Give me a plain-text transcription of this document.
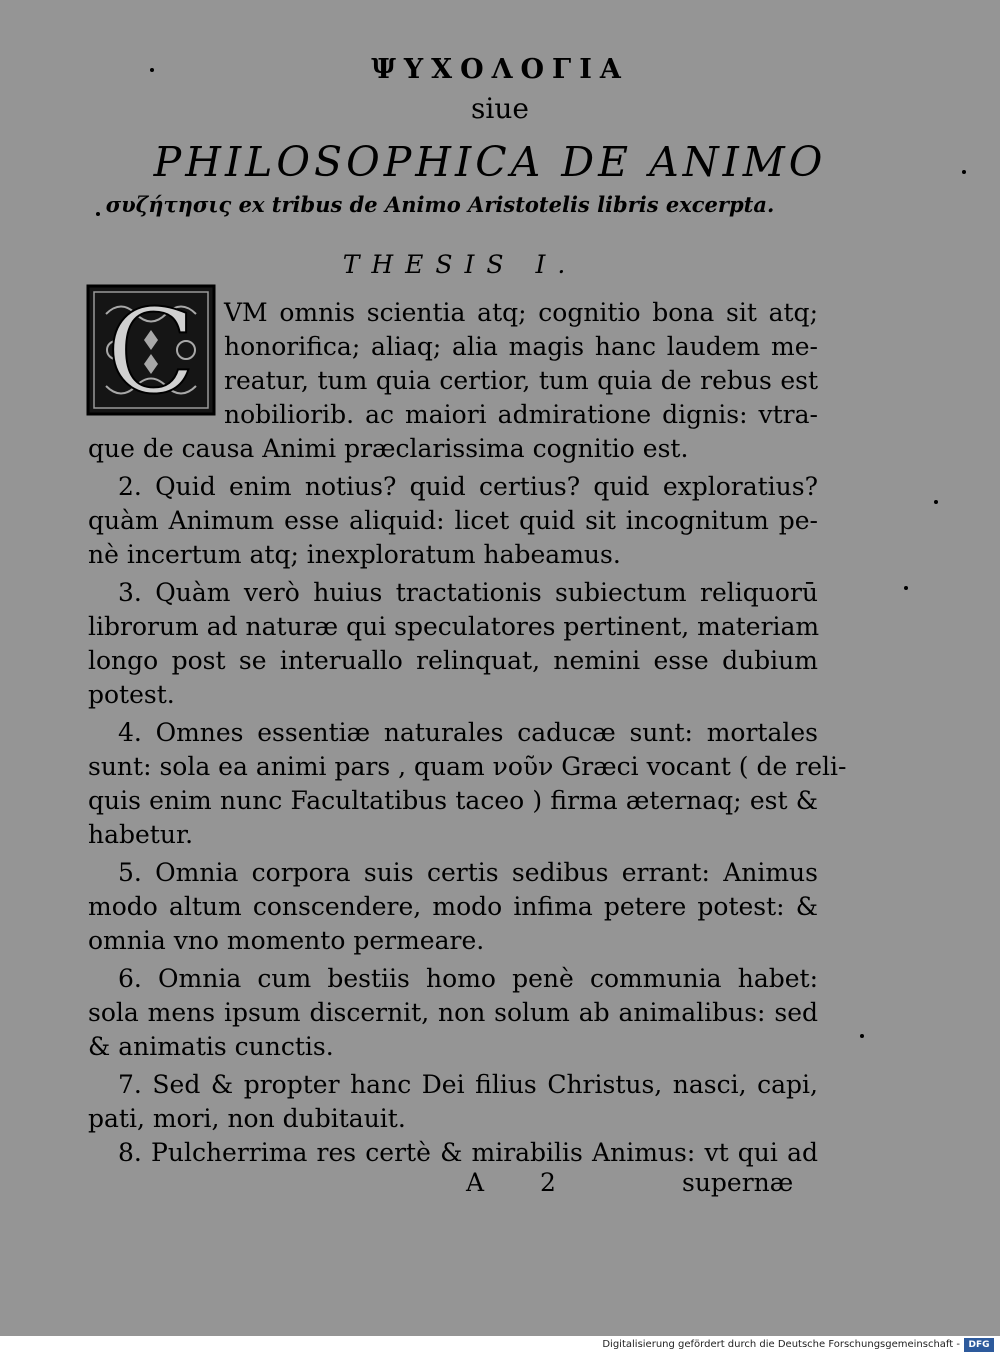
ΨΥΧΟΛΟΓΙΑ
siue
PHILOSOPHICA DE ANIMO
συζήτησις ex tribus de Animo Aristotelis libris excerpta.
THESIS I.
C VM omnis scientia atq; cognitio bona sit atq;
honorifica; aliaq; alia magis hanc laudem me-
reatur, tum quia certior, tum quia de rebus est
nobiliorib. ac maiori admiratione dignis: vtra-
que de causa Animi præclarissima cognitio est.
2. Quid enim notius? quid certius? quid exploratius?
quàm Animum esse aliquid: licet quid sit incognitum pe-
nè incertum atq; inexploratum habeamus.
3. Quàm verò huius tractationis subiectum reliquorū
librorum ad naturæ qui speculatores pertinent, materiam
longo post se interuallo relinquat, nemini esse dubium
potest.
4. Omnes essentiæ naturales caducæ sunt: mortales
sunt: sola ea animi pars , quam νοῦν Græci vocant ( de reli-
quis enim nunc Facultatibus taceo ) firma æternaq; est &
habetur.
5. Omnia corpora suis certis sedibus errant: Animus
modo altum conscendere, modo infima petere potest: &
omnia vno momento permeare.
6. Omnia cum bestiis homo penè communia habet:
sola mens ipsum discernit, non solum ab animalibus: sed
& animatis cunctis.
7. Sed & propter hanc Dei filius Christus, nasci, capi,
pati, mori, non dubitauit.
8. Pulcherrima res certè & mirabilis Animus: vt qui ad
A 2	supernæ
Digitalisierung gefördert durch die Deutsche Forschungsgemeinschaft - DFG
